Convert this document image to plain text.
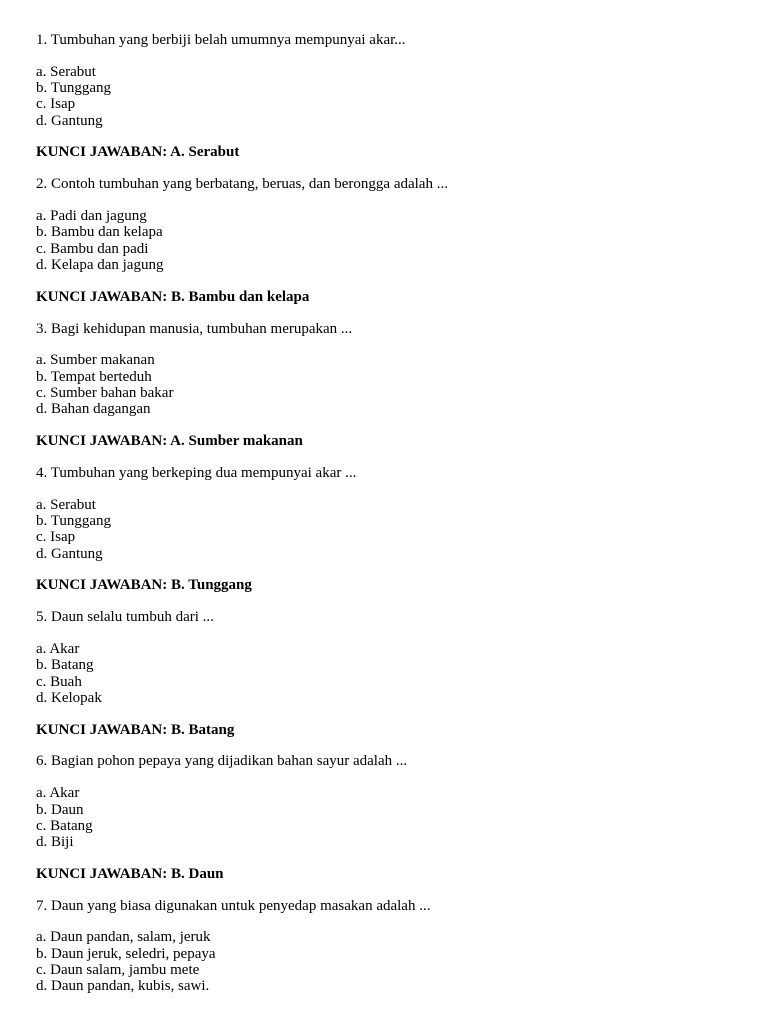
1. Tumbuhan yang berbiji belah umumnya mempunyai akar...
a. Serabut
b. Tunggang
c. Isap
d. Gantung
KUNCI JAWABAN: A. Serabut
2. Contoh tumbuhan yang berbatang, beruas, dan berongga adalah ...
a. Padi dan jagung
b. Bambu dan kelapa
c. Bambu dan padi
d. Kelapa dan jagung
KUNCI JAWABAN: B. Bambu dan kelapa
3. Bagi kehidupan manusia, tumbuhan merupakan ...
a. Sumber makanan
b. Tempat berteduh
c. Sumber bahan bakar
d. Bahan dagangan
KUNCI JAWABAN: A. Sumber makanan
4. Tumbuhan yang berkeping dua mempunyai akar ...
a. Serabut
b. Tunggang
c. Isap
d. Gantung
KUNCI JAWABAN: B. Tunggang
5. Daun selalu tumbuh dari ...
a. Akar
b. Batang
c. Buah
d. Kelopak
KUNCI JAWABAN: B. Batang
6. Bagian pohon pepaya yang dijadikan bahan sayur adalah ...
a. Akar
b. Daun
c. Batang
d. Biji
KUNCI JAWABAN: B. Daun
7. Daun yang biasa digunakan untuk penyedap masakan adalah ...
a. Daun pandan, salam, jeruk
b. Daun jeruk, seledri, pepaya
c. Daun salam, jambu mete
d. Daun pandan, kubis, sawi.
